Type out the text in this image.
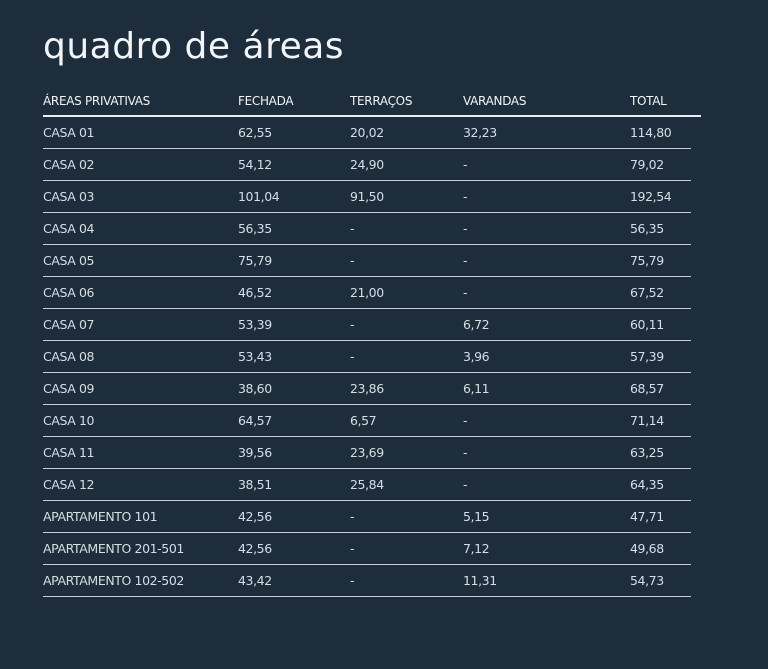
quadro de áreas
ÁREAS PRIVATIVAS	FECHADA	TERRAÇOS	VARANDAS	TOTAL
CASA 01	62,55	20,02	32,23	114,80
CASA 02	54,12	24,90	-	79,02
CASA 03	101,04	91,50	-	192,54
CASA 04	56,35	-	-	56,35
CASA 05	75,79	-	-	75,79
CASA 06	46,52	21,00	-	67,52
CASA 07	53,39	-	6,72	60,11
CASA 08	53,43	-	3,96	57,39
CASA 09	38,60	23,86	6,11	68,57
CASA 10	64,57	6,57	-	71,14
CASA 11	39,56	23,69	-	63,25
CASA 12	38,51	25,84	-	64,35
APARTAMENTO 101	42,56	-	5,15	47,71
APARTAMENTO 201-501	42,56	-	7,12	49,68
APARTAMENTO 102-502	43,42	-	11,31	54,73
